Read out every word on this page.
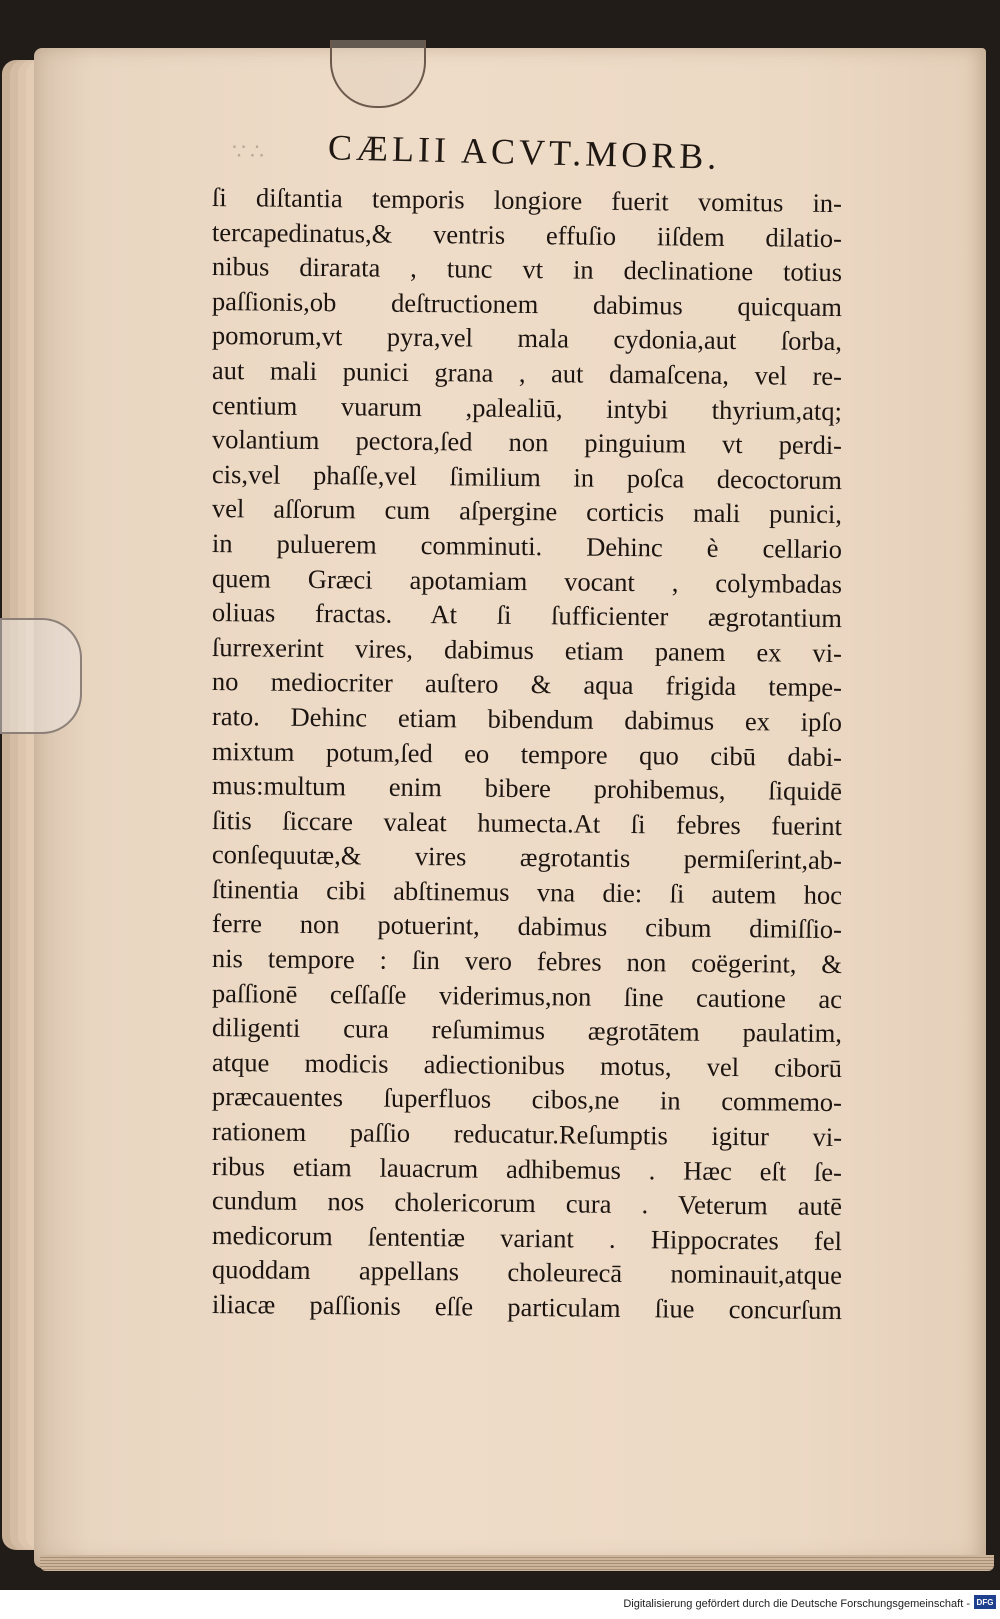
∵∴ CÆLII ACVT.MORB.
ſi diſtantia temporis longiore fuerit vomitus in-
tercapedinatus,& ventris effuſio iiſdem dilatio-
nibus dirarata , tunc vt in declinatione totius
paſſionis,ob deſtructionem dabimus quicquam
pomorum,vt pyra,vel mala cydonia,aut ſorba,
aut mali punici grana , aut damaſcena, vel re-
centium vuarum ,palealiū, intybi thyrium,atq;
volantium pectora,ſed non pinguium vt perdi-
cis,vel phaſſe,vel ſimilium in poſca decoctorum
vel aſſorum cum aſpergine corticis mali punici,
in puluerem comminuti. Dehinc è cellario
quem Græci apotamiam vocant , colymbadas
oliuas fractas. At ſi ſufficienter ægrotantium
ſurrexerint vires, dabimus etiam panem ex vi-
no mediocriter auſtero & aqua frigida tempe-
rato. Dehinc etiam bibendum dabimus ex ipſo
mixtum potum,ſed eo tempore quo cibū dabi-
mus:multum enim bibere prohibemus, ſiquidē
ſitis ſiccare valeat humecta.At ſi febres fuerint
conſequutæ,& vires ægrotantis permiſerint,ab-
ſtinentia cibi abſtinemus vna die: ſi autem hoc
ferre non potuerint, dabimus cibum dimiſſio-
nis tempore : ſin vero febres non coëgerint, &
paſſionē ceſſaſſe viderimus,non ſine cautione ac
diligenti cura reſumimus ægrotātem paulatim,
atque modicis adiectionibus motus, vel ciborū
præcauentes ſuperfluos cibos,ne in commemo-
rationem paſſio reducatur.Reſumptis igitur vi-
ribus etiam lauacrum adhibemus . Hæc eſt ſe-
cundum nos cholericorum cura . Veterum autē
medicorum ſententiæ variant . Hippocrates fel
quoddam appellans choleurecā nominauit,atque
iliacæ paſſionis eſſe particulam ſiue concurſum
Digitalisierung gefördert durch die Deutsche Forschungsgemeinschaft - DFG
